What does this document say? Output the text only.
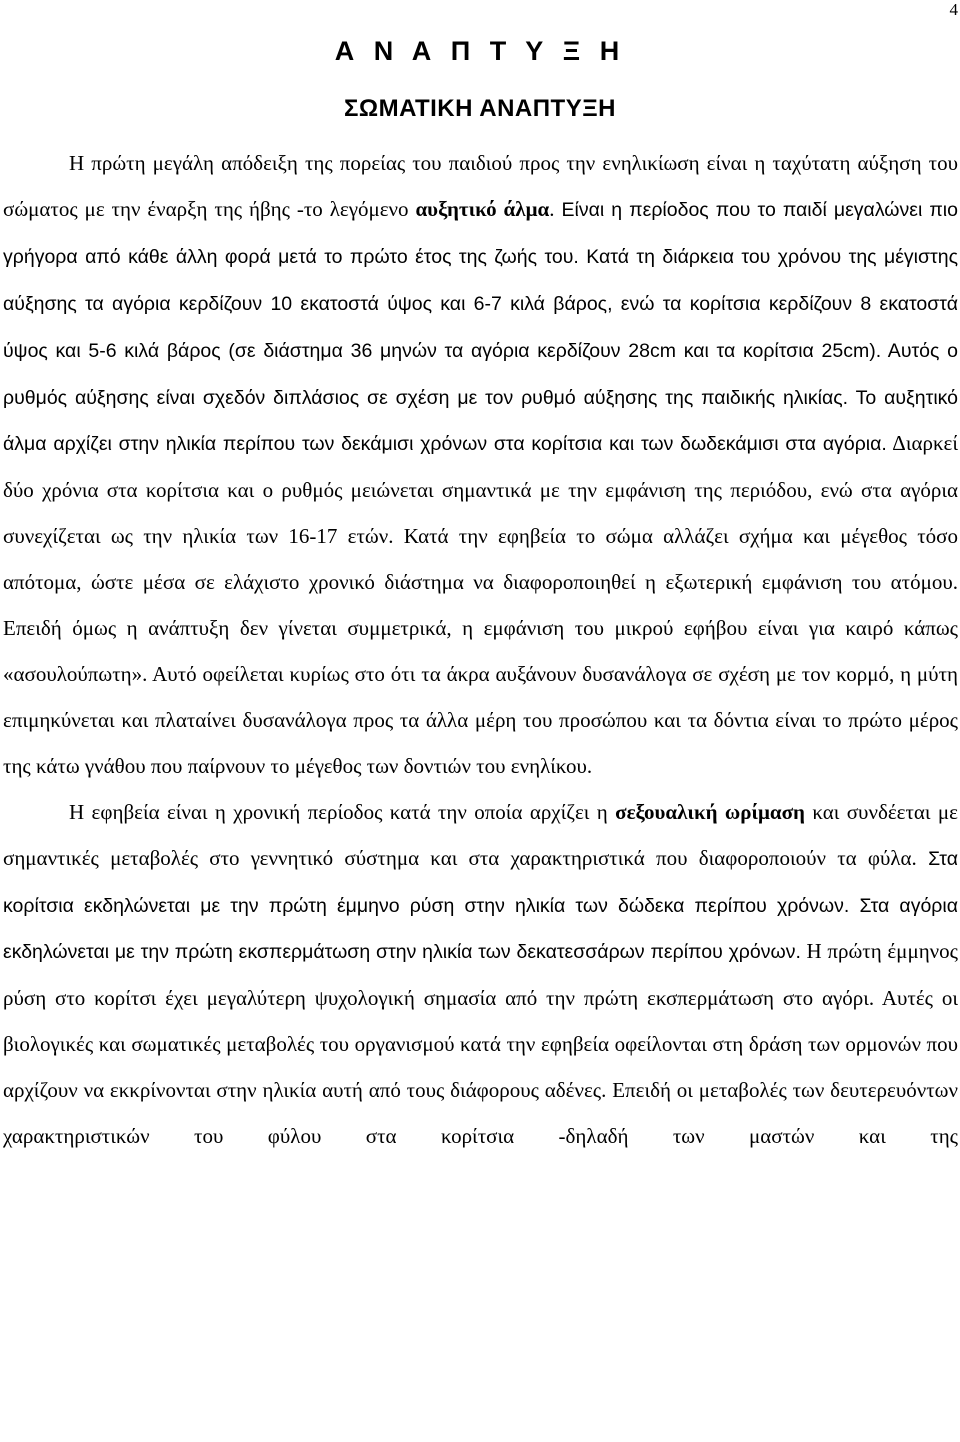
4
Α Ν Α Π Τ Υ Ξ Η
ΣΩΜΑΤΙΚΗ ΑΝΑΠΤΥΞΗ

Η πρώτη μεγάλη απόδειξη της πορείας του παιδιού προς την ενηλικίωση είναι η ταχύτατη αύξηση του σώματος με την έναρξη της ήβης -το λεγόμενο αυξητικό άλμα. Είναι η περίοδος που το παιδί μεγαλώνει πιο γρήγορα από κάθε άλλη φορά μετά το πρώτο έτος της ζωής του. Κατά τη διάρκεια του χρόνου της μέγιστης αύξησης τα αγόρια κερδίζουν 10 εκατοστά ύψος και 6-7 κιλά βάρος, ενώ τα κορίτσια κερδίζουν 8 εκατοστά ύψος και 5-6 κιλά βάρος (σε διάστημα 36 μηνών τα αγόρια κερδίζουν 28cm και τα κορίτσια 25cm). Αυτός ο ρυθμός αύξησης είναι σχεδόν διπλάσιος σε σχέση με τον ρυθμό αύξησης της παιδικής ηλικίας. Το αυξητικό άλμα αρχίζει στην ηλικία περίπου των δεκάμισι χρόνων στα κορίτσια και των δωδεκάμισι στα αγόρια. Διαρκεί δύο χρόνια στα κορίτσια και ο ρυθμός μειώνεται σημαντικά με την εμφάνιση της περιόδου, ενώ στα αγόρια συνεχίζεται ως την ηλικία των 16-17 ετών. Κατά την εφηβεία το σώμα αλλάζει σχήμα και μέγεθος τόσο απότομα, ώστε μέσα σε ελάχιστο χρονικό διάστημα να διαφοροποιηθεί η εξωτερική εμφάνιση του ατόμου. Επειδή όμως η ανάπτυξη δεν γίνεται συμμετρικά, η εμφάνιση του μικρού εφήβου είναι για καιρό κάπως «ασουλούπωτη». Αυτό οφείλεται κυρίως στο ότι τα άκρα αυξάνουν δυσανάλογα σε σχέση με τον κορμό, η μύτη επιμηκύνεται και πλαταίνει δυσανάλογα προς τα άλλα μέρη του προσώπου και τα δόντια είναι το πρώτο μέρος της κάτω γνάθου που παίρνουν το μέγεθος των δοντιών του ενηλίκου.

Η εφηβεία είναι η χρονική περίοδος κατά την οποία αρχίζει η σεξουαλική ωρίμαση και συνδέεται με σημαντικές μεταβολές στο γεννητικό σύστημα και στα χαρακτηριστικά που διαφοροποιούν τα φύλα. Στα κορίτσια εκδηλώνεται με την πρώτη έμμηνο ρύση στην ηλικία των δώδεκα περίπου χρόνων. Στα αγόρια εκδηλώνεται με την πρώτη εκσπερμάτωση στην ηλικία των δεκατεσσάρων περίπου χρόνων. Η πρώτη έμμηνος ρύση στο κορίτσι έχει μεγαλύτερη ψυχολογική σημασία από την πρώτη εκσπερμάτωση στο αγόρι. Αυτές οι βιολογικές και σωματικές μεταβολές του οργανισμού κατά την εφηβεία οφείλονται στη δράση των ορμονών που αρχίζουν να εκκρίνονται στην ηλικία αυτή από τους διάφορους αδένες. Επειδή οι μεταβολές των δευτερευόντων χαρακτηριστικών του φύλου στα κορίτσια -δηλαδή των μαστών και της
